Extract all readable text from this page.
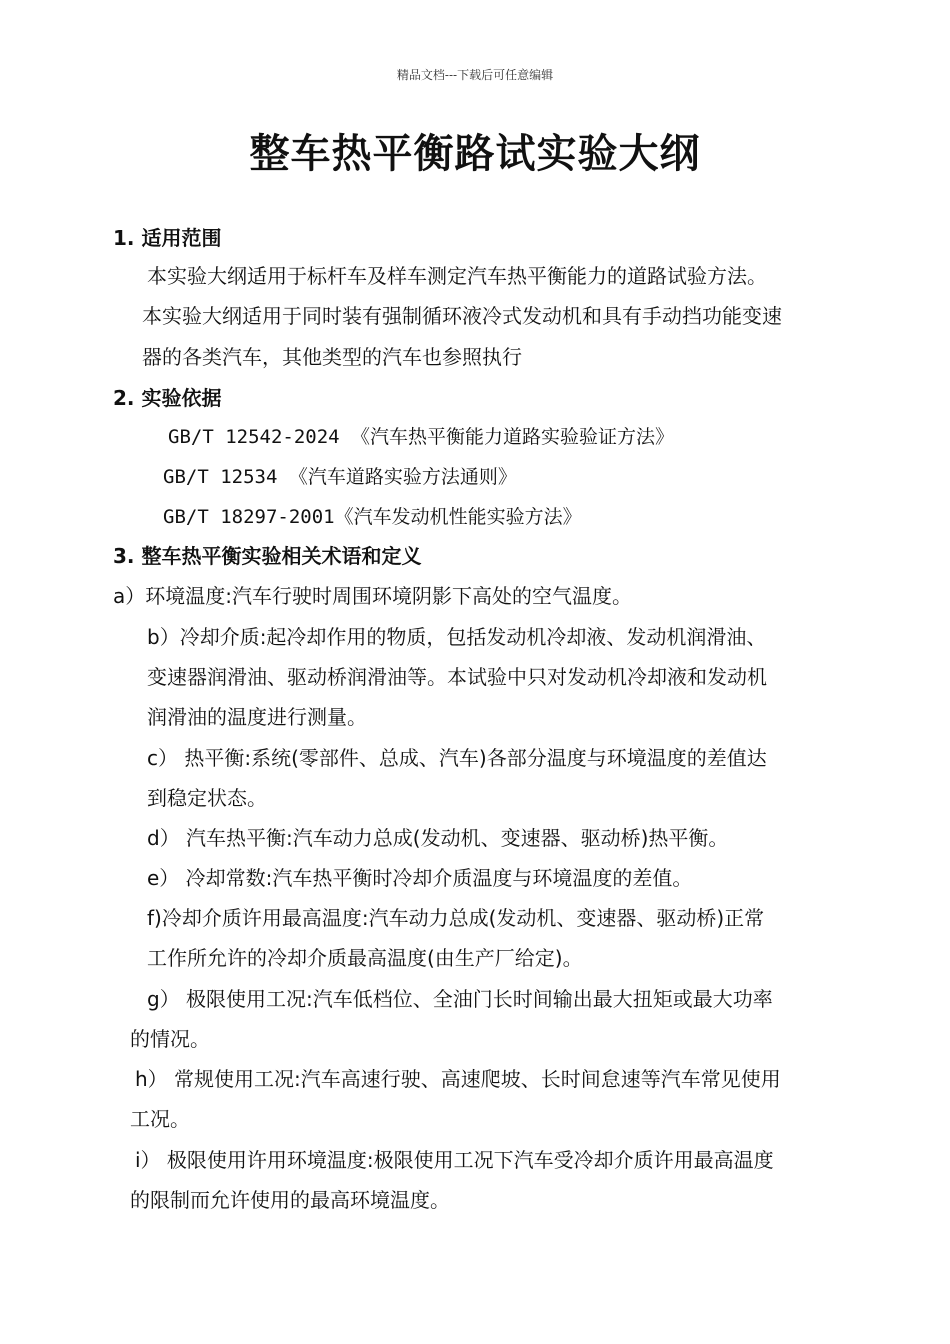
精品文档---下载后可任意编辑
整车热平衡路试实验大纲
1. 适用范围
本实验大纲适用于标杆车及样车测定汽车热平衡能力的道路试验方法。
本实验大纲适用于同时装有强制循环液冷式发动机和具有手动挡功能变速
器的各类汽车，其他类型的汽车也参照执行
2. 实验依据
GB/T 12542-2024 《汽车热平衡能力道路实验验证方法》
GB/T 12534 《汽车道路实验方法通则》
GB/T 18297-2001《汽车发动机性能实验方法》
3. 整车热平衡实验相关术语和定义
a）环境温度:汽车行驶时周围环境阴影下高处的空气温度。
b）冷却介质:起冷却作用的物质，包括发动机冷却液、发动机润滑油、
变速器润滑油、驱动桥润滑油等。本试验中只对发动机冷却液和发动机
润滑油的温度进行测量。
c） 热平衡:系统(零部件、总成、汽车)各部分温度与环境温度的差值达
到稳定状态。
d） 汽车热平衡:汽车动力总成(发动机、变速器、驱动桥)热平衡。
e） 冷却常数:汽车热平衡时冷却介质温度与环境温度的差值。
f)冷却介质许用最高温度:汽车动力总成(发动机、变速器、驱动桥)正常
工作所允许的冷却介质最高温度(由生产厂给定)。
g） 极限使用工况:汽车低档位、全油门长时间输出最大扭矩或最大功率
的情况。
h） 常规使用工况:汽车高速行驶、高速爬坡、长时间怠速等汽车常见使用
工况。
i） 极限使用许用环境温度:极限使用工况下汽车受冷却介质许用最高温度
的限制而允许使用的最高环境温度。
